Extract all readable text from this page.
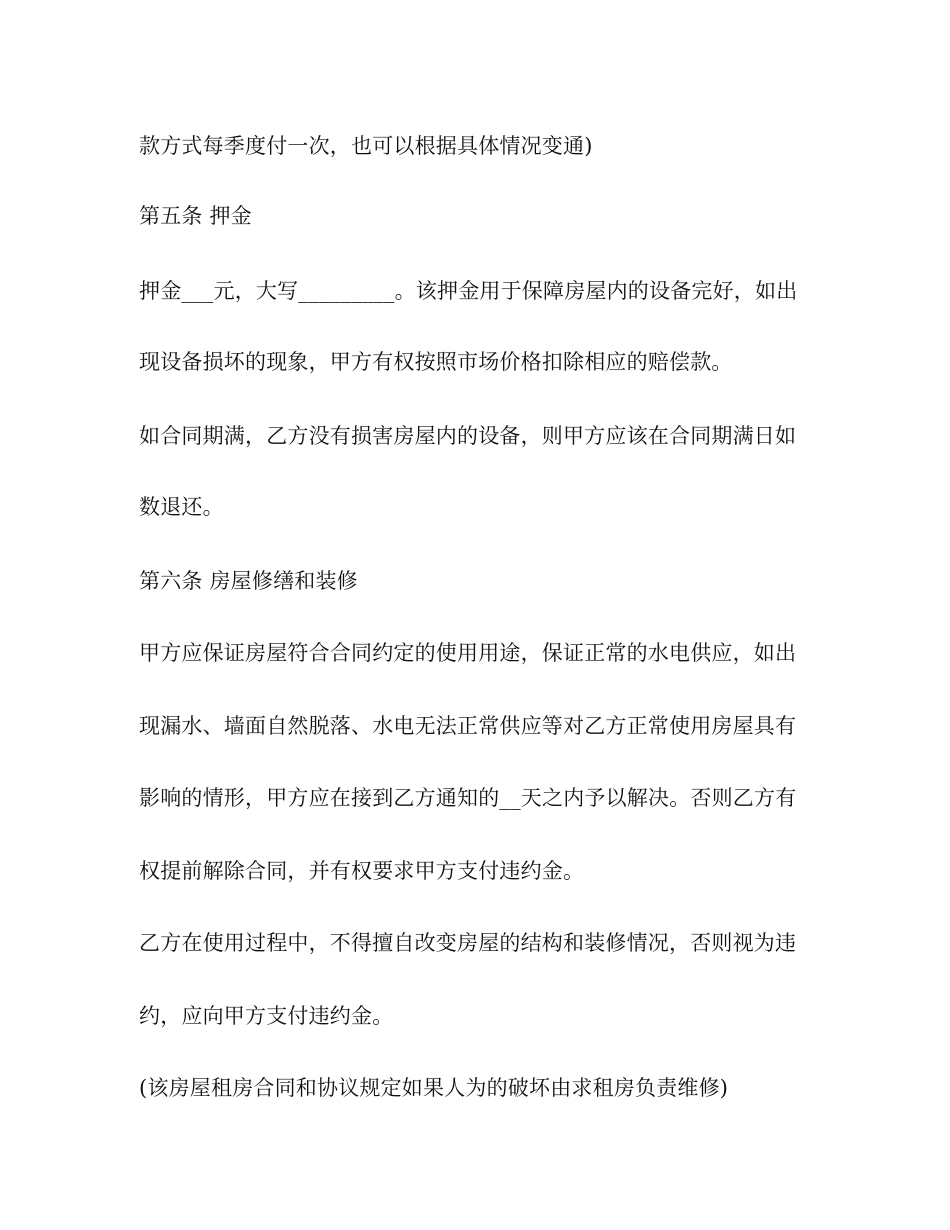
款方式每季度付一次，也可以根据具体情况变通)

第五条 押金

押金___元，大写_________。该押金用于保障房屋内的设备完好，如出

现设备损坏的现象，甲方有权按照市场价格扣除相应的赔偿款。

如合同期满，乙方没有损害房屋内的设备，则甲方应该在合同期满日如

数退还。

第六条 房屋修缮和装修

甲方应保证房屋符合合同约定的使用用途，保证正常的水电供应，如出

现漏水、墙面自然脱落、水电无法正常供应等对乙方正常使用房屋具有

影响的情形，甲方应在接到乙方通知的__天之内予以解决。否则乙方有

权提前解除合同，并有权要求甲方支付违约金。

乙方在使用过程中，不得擅自改变房屋的结构和装修情况，否则视为违

约，应向甲方支付违约金。

(该房屋租房合同和协议规定如果人为的破坏由求租房负责维修)
